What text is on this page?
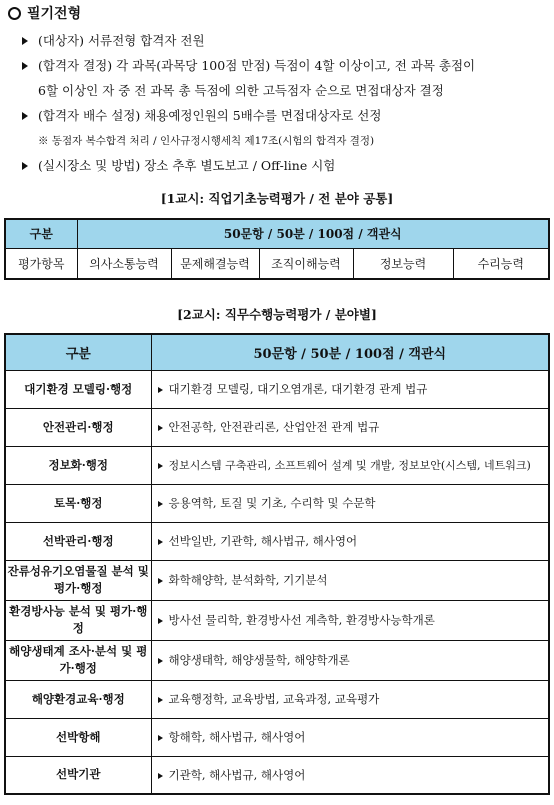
필기전형
(대상자) 서류전형 합격자 전원
(합격자 결정) 각 과목(과목당 100점 만점) 득점이 4할 이상이고, 전 과목 총점이
6할 이상인 자 중 전 과목 총 득점에 의한 고득점자 순으로 면접대상자 결정
(합격자 배수 설정) 채용예정인원의 5배수를 면접대상자로 선정
※ 동점자 복수합격 처리 / 인사규정시행세칙 제17조(시험의 합격자 결정)
(실시장소 및 방법) 장소 추후 별도보고 / Off-line 시험
[1교시: 직업기초능력평가 / 전 분야 공통]
구분	50문항 / 50분 / 100점 / 객관식				
평가항목	의사소통능력	문제해결능력	조직이해능력	정보능력	수리능력
[2교시: 직무수행능력평가 / 분야별]
구분	50문항 / 50분 / 100점 / 객관식
대기환경 모델링·행정	대기환경 모델링, 대기오염개론, 대기환경 관계 법규
안전관리·행정	안전공학, 안전관리론, 산업안전 관계 법규
정보화·행정	정보시스템 구축관리, 소프트웨어 설계 및 개발, 정보보안(시스템, 네트워크)
토목·행정	응용역학, 토질 및 기초, 수리학 및 수문학
선박관리·행정	선박일반, 기관학, 해사법규, 해사영어
잔류성유기오염물질 분석 및 평가·행정	화학해양학, 분석화학, 기기분석
환경방사능 분석 및 평가·행정	방사선 물리학, 환경방사선 계측학, 환경방사능학개론
해양생태계 조사·분석 및 평가·행정	해양생태학, 해양생물학, 해양학개론
해양환경교육·행정	교육행정학, 교육방법, 교육과정, 교육평가
선박항해	항해학, 해사법규, 해사영어
선박기관	기관학, 해사법규, 해사영어
